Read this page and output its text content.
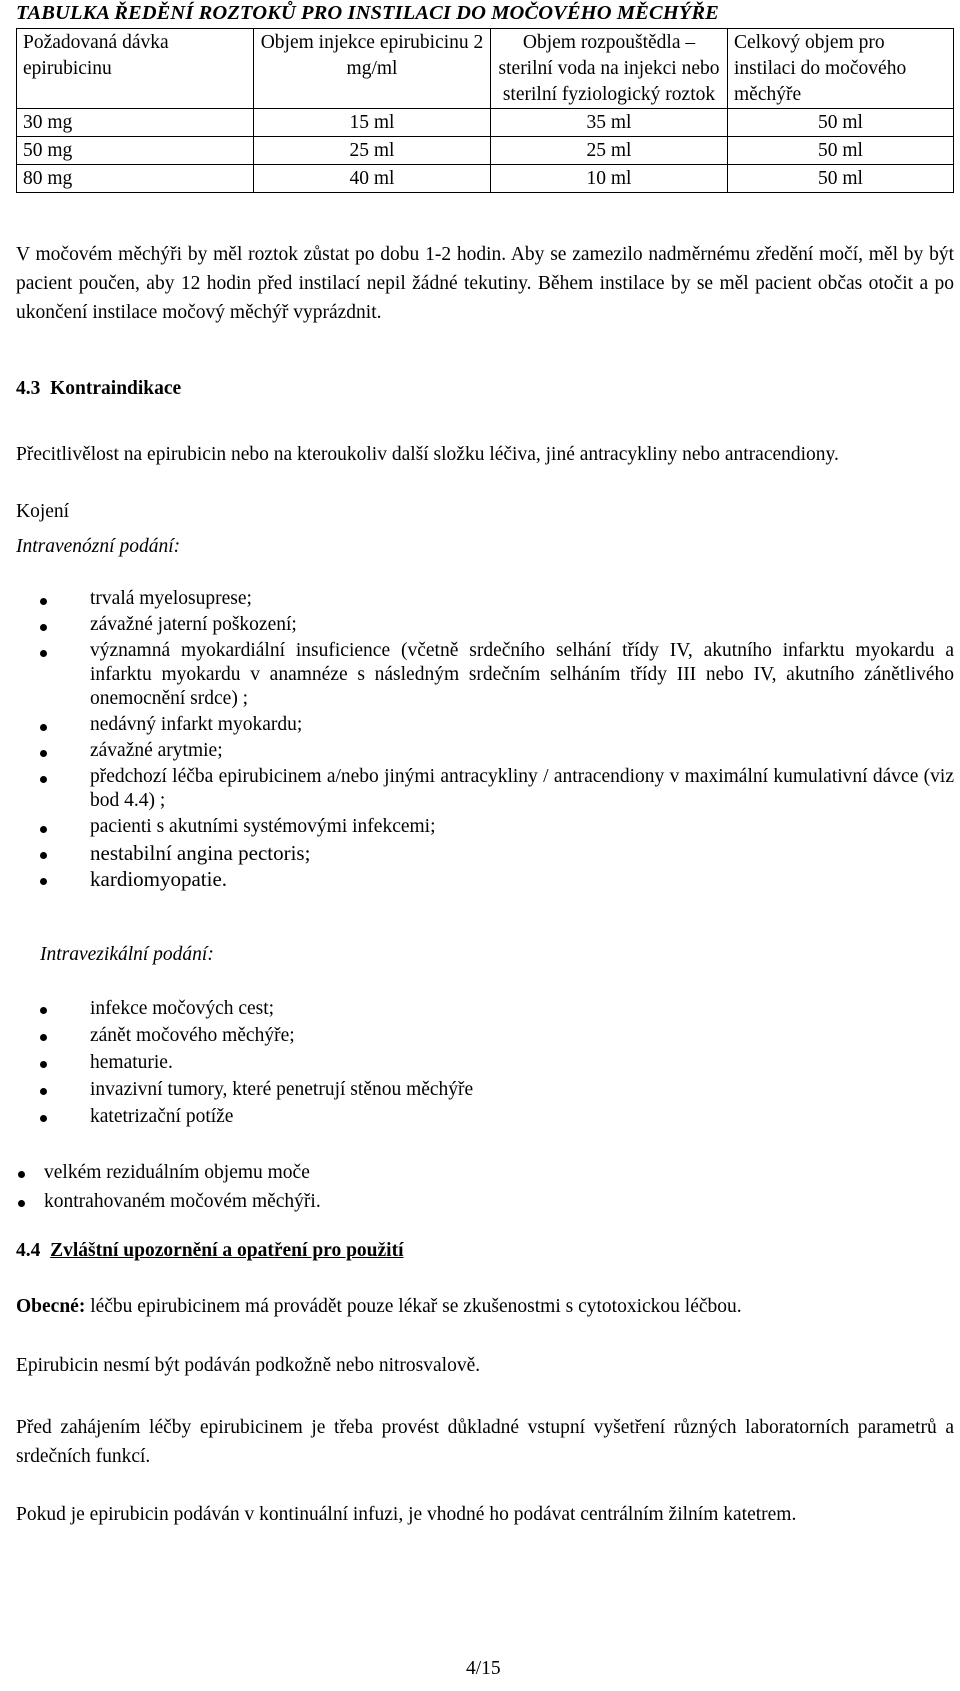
TABULKA ŘEDĚNÍ ROZTOKŮ PRO INSTILACI DO MOČOVÉHO MĚCHÝŘE
Požadovaná dávka epirubicinu	Objem injekce epirubicinu 2 mg/ml	Objem rozpouštědla – sterilní voda na injekci nebo sterilní fyziologický roztok	Celkový objem pro instilaci do močového měchýře
30 mg	15 ml	35 ml	50 ml
50 mg	25 ml	25 ml	50 ml
80 mg	40 ml	10 ml	50 ml
V močovém měchýři by měl roztok zůstat po dobu 1-2 hodin. Aby se zamezilo nadměrnému zředění močí, měl by být pacient poučen, aby 12 hodin před instilací nepil žádné tekutiny. Během instilace by se měl pacient občas otočit a po ukončení instilace močový měchýř vyprázdnit.
4.3 Kontraindikace
Přecitlivělost na epirubicin nebo na kteroukoliv další složku léčiva, jiné antracykliny nebo antracendiony.
Kojení
Intravenózní podání:
trvalá myelosuprese;
závažné jaterní poškození;
významná myokardiální insuficience (včetně srdečního selhání třídy IV, akutního infarktu myokardu a infarktu myokardu v anamnéze s následným srdečním selháním třídy III nebo IV, akutního zánětlivého onemocnění srdce) ;
nedávný infarkt myokardu;
závažné arytmie;
předchozí léčba epirubicinem a/nebo jinými antracykliny / antracendiony v maximální kumulativní dávce (viz bod 4.4) ;
pacienti s akutními systémovými infekcemi;
nestabilní angina pectoris;
kardiomyopatie.
Intravezikální podání:
infekce močových cest;
zánět močového měchýře;
hematurie.
invazivní tumory, které penetrují stěnou měchýře
katetrizační potíže
velkém reziduálním objemu moče
kontrahovaném močovém měchýři.
4.4 Zvláštní upozornění a opatření pro použití
Obecné: léčbu epirubicinem má provádět pouze lékař se zkušenostmi s cytotoxickou léčbou.
Epirubicin nesmí být podáván podkožně nebo nitrosvalově.
Před zahájením léčby epirubicinem je třeba provést důkladné vstupní vyšetření různých laboratorních parametrů a srdečních funkcí.
Pokud je epirubicin podáván v kontinuální infuzi, je vhodné ho podávat centrálním žilním katetrem.
4/15
